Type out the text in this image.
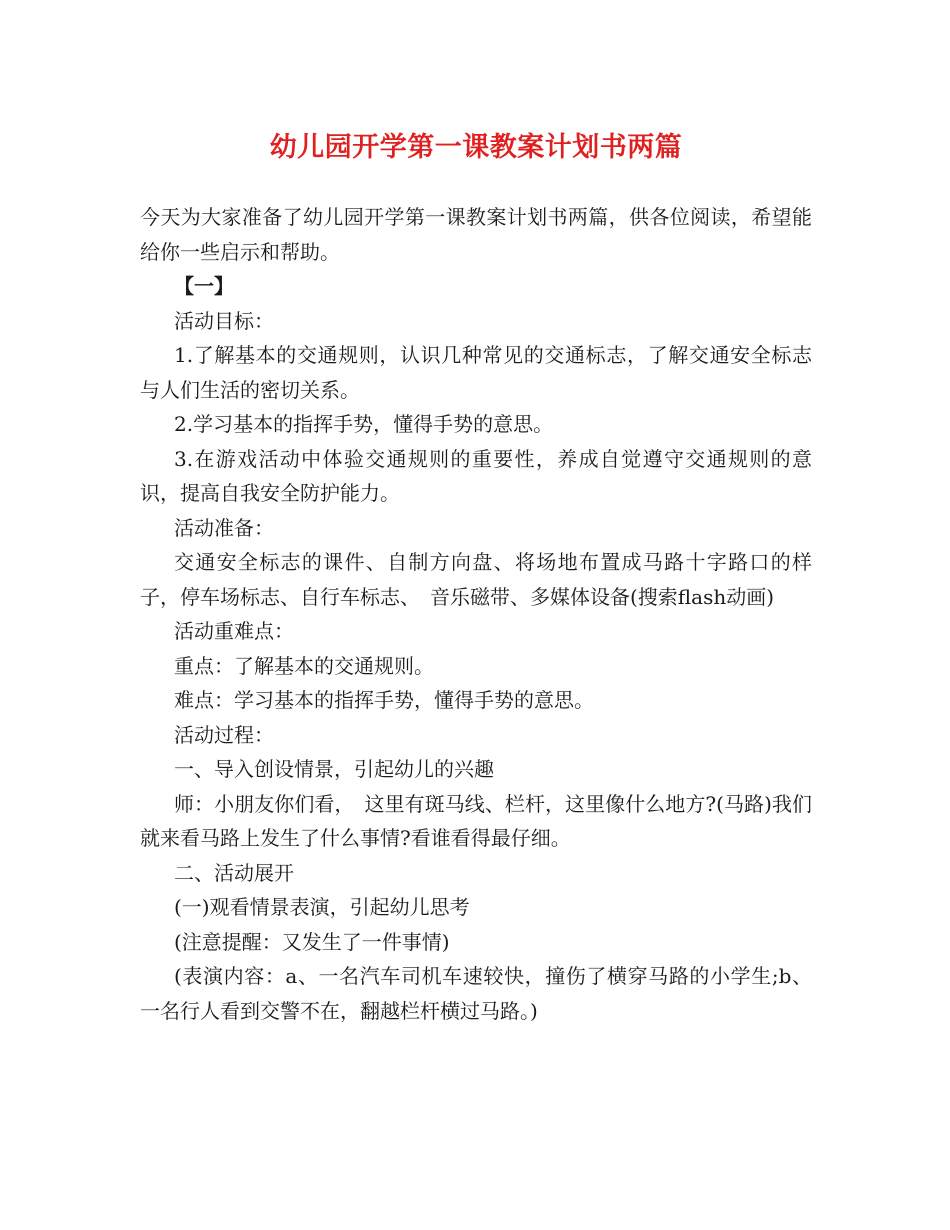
幼儿园开学第一课教案计划书两篇

今天为大家准备了幼儿园开学第一课教案计划书两篇，供各位阅读，希望能给你一些启示和帮助。

【一】

活动目标：

1.了解基本的交通规则，认识几种常见的交通标志，了解交通安全标志与人们生活的密切关系。

2.学习基本的指挥手势，懂得手势的意思。

3.在游戏活动中体验交通规则的重要性，养成自觉遵守交通规则的意识，提高自我安全防护能力。

活动准备：

交通安全标志的课件、自制方向盘、将场地布置成马路十字路口的样子，停车场标志、自行车标志、　音乐磁带、多媒体设备(搜索flash动画)

活动重难点：

重点：了解基本的交通规则。

难点：学习基本的指挥手势，懂得手势的意思。

活动过程：

一、导入创设情景，引起幼儿的兴趣

师：小朋友你们看，　这里有斑马线、栏杆，这里像什么地方?(马路)我们就来看马路上发生了什么事情?看谁看得最仔细。

二、活动展开

(一)观看情景表演，引起幼儿思考

(注意提醒：又发生了一件事情)

(表演内容：a、一名汽车司机车速较快，撞伤了横穿马路的小学生;b、一名行人看到交警不在，翻越栏杆横过马路。)
